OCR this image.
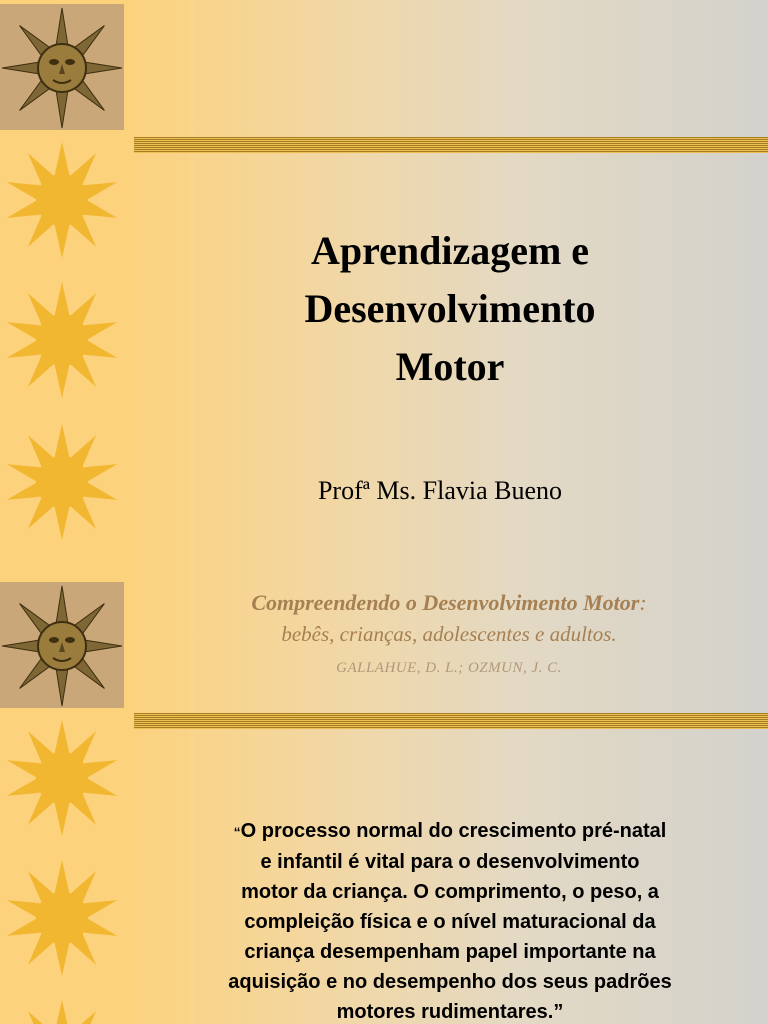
Aprendizagem e
Desenvolvimento
Motor
Profª Ms. Flavia Bueno
Compreendendo o Desenvolvimento Motor:
bebês, crianças, adolescentes e adultos.
GALLAHUE, D. L.; OZMUN, J. C.
“O processo normal do crescimento pré-natal
e infantil é vital para o desenvolvimento
motor da criança. O comprimento, o peso, a
compleição física e o nível maturacional da
criança desempenham papel importante na
aquisição e no desempenho dos seus padrões
motores rudimentares.”
